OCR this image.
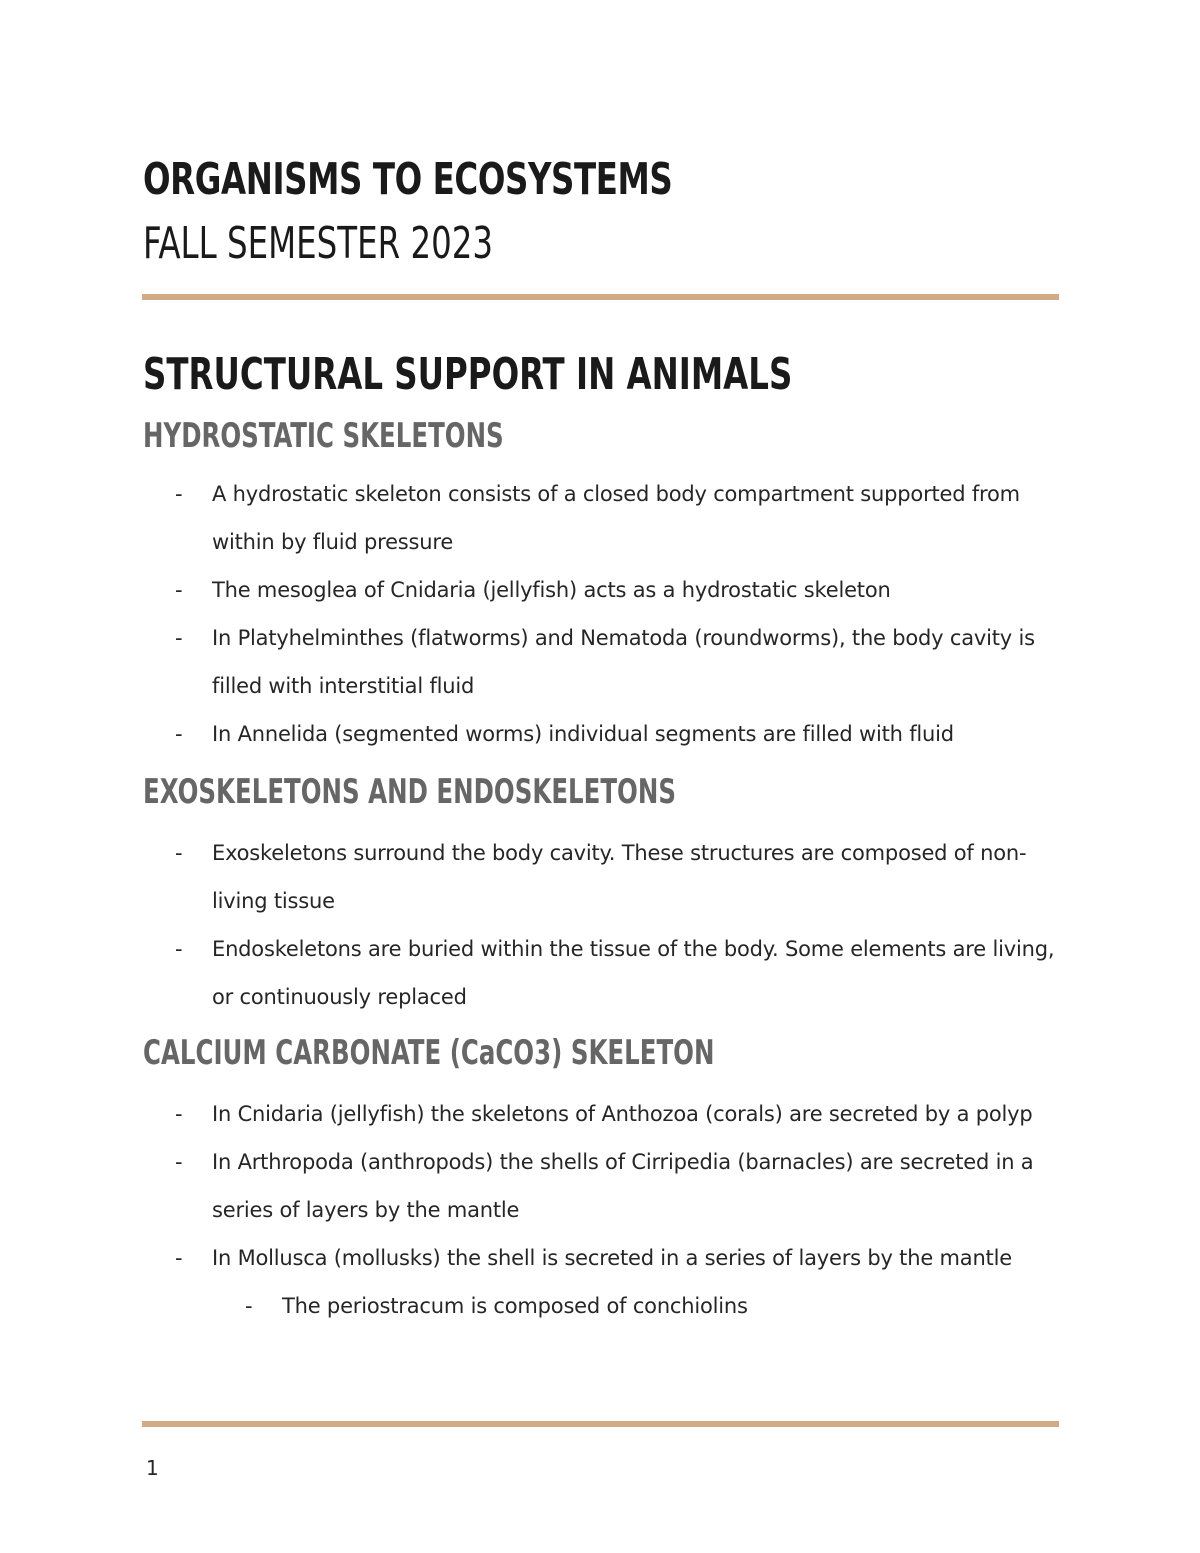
ORGANISMS TO ECOSYSTEMS
FALL SEMESTER 2023
STRUCTURAL SUPPORT IN ANIMALS
HYDROSTATIC SKELETONS
- A hydrostatic skeleton consists of a closed body compartment supported from within by fluid pressure
- The mesoglea of Cnidaria (jellyfish) acts as a hydrostatic skeleton
- In Platyhelminthes (flatworms) and Nematoda (roundworms), the body cavity is filled with interstitial fluid
- In Annelida (segmented worms) individual segments are filled with fluid
EXOSKELETONS AND ENDOSKELETONS
- Exoskeletons surround the body cavity. These structures are composed of non-living tissue
- Endoskeletons are buried within the tissue of the body. Some elements are living, or continuously replaced
CALCIUM CARBONATE (CaCO3) SKELETON
- In Cnidaria (jellyfish) the skeletons of Anthozoa (corals) are secreted by a polyp
- In Arthropoda (anthropods) the shells of Cirripedia (barnacles) are secreted in a series of layers by the mantle
- In Mollusca (mollusks) the shell is secreted in a series of layers by the mantle
- The periostracum is composed of conchiolins
1
